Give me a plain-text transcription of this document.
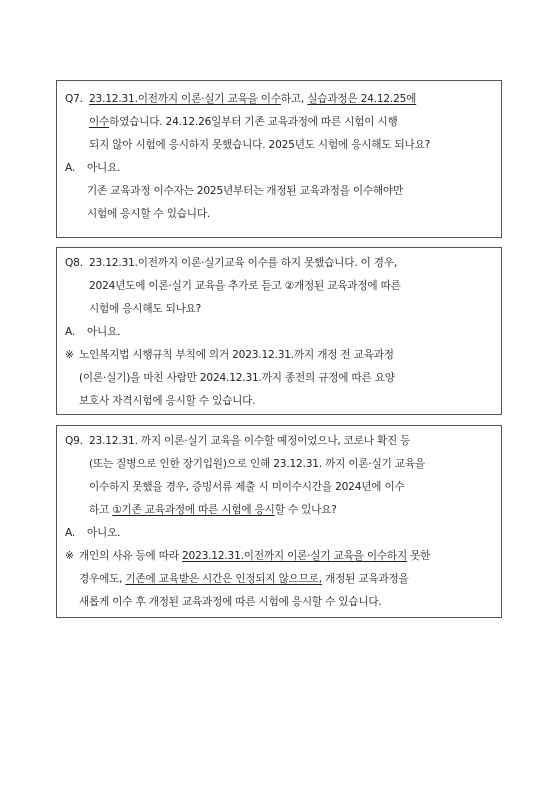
Q7. 23.12.31.이전까지 이론·실기 교육을 이수하고, 실습과정은 24.12.25에
이수하였습니다. 24.12.26일부터 기존 교육과정에 따른 시험이 시행
되지 않아 시험에 응시하지 못했습니다. 2025년도 시험에 응시해도 되나요?
A. 아니요.
기존 교육과정 이수자는 2025년부터는 개정된 교육과정을 이수해야만
시험에 응시할 수 있습니다.
Q8. 23.12.31.이전까지 이론·실기교육 이수를 하지 못했습니다. 이 경우,
2024년도에 이론·실기 교육을 추가로 듣고 ②개정된 교육과정에 따른
시험에 응시해도 되나요?
A. 아니요.
※ 노인복지법 시행규칙 부칙에 의거 2023.12.31.까지 개정 전 교육과정
(이론·실기)을 마친 사람만 2024.12.31.까지 종전의 규정에 따른 요양
보호사 자격시험에 응시할 수 있습니다.
Q9. 23.12.31. 까지 이론·실기 교육을 이수할 예정이었으나, 코로나 확진 등
(또는 질병으로 인한 장기입원)으로 인해 23.12.31. 까지 이론·실기 교육을
이수하지 못했을 경우, 증빙서류 제출 시 미이수시간을 2024년에 이수
하고 ①기존 교육과정에 따른 시험에 응시할 수 있나요?
A. 아니오.
※ 개인의 사유 등에 따라 2023.12.31.이전까지 이론·실기 교육을 이수하지 못한
경우에도, 기존에 교육받은 시간은 인정되지 않으므로, 개정된 교육과정을
새롭게 이수 후 개정된 교육과정에 따른 시험에 응시할 수 있습니다.
